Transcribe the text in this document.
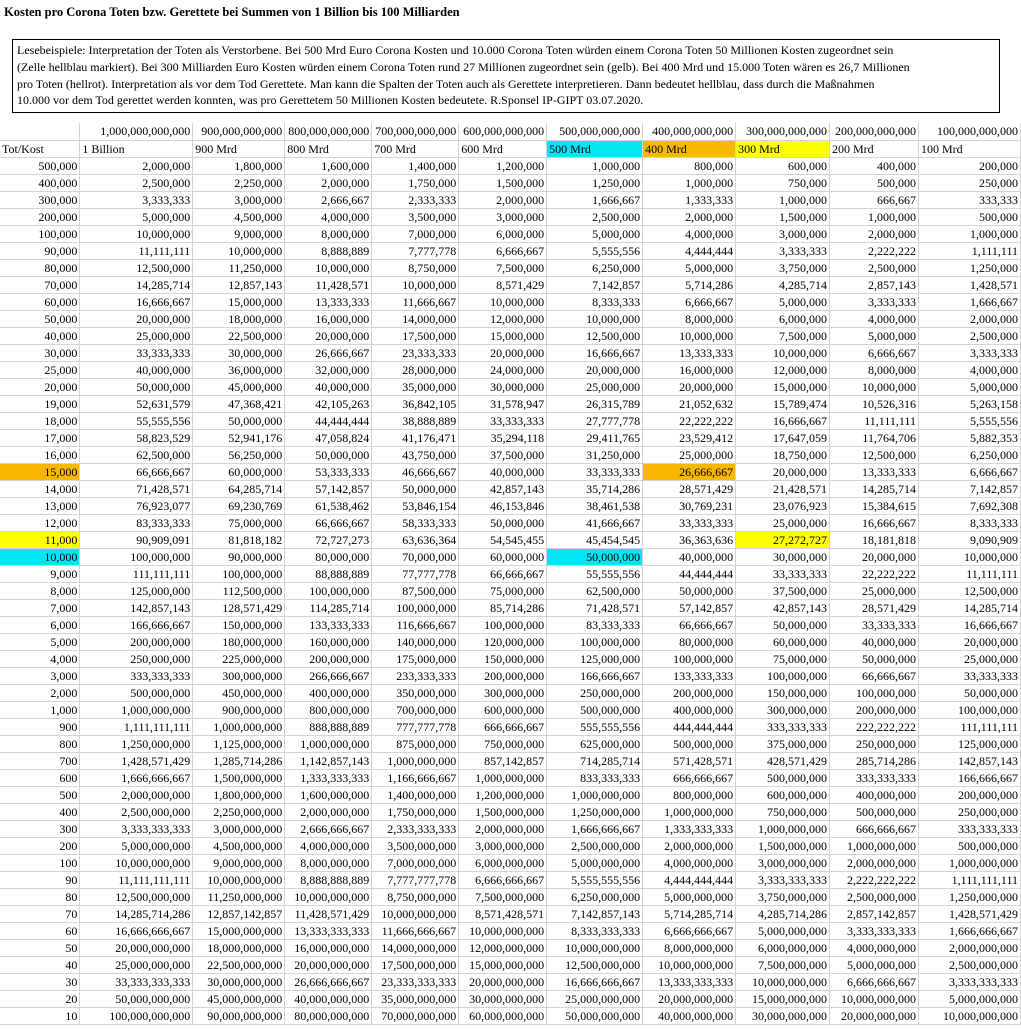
Kosten pro Corona Toten bzw. Gerettete bei Summen von 1 Billion bis 100 Milliarden
Lesebeispiele: Interpretation der Toten als Verstorbene. Bei 500 Mrd Euro Corona Kosten und 10.000 Corona Toten würden einem Corona Toten 50 Millionen Kosten zugeordnet sein
(Zelle hellblau markiert). Bei 300 Milliarden Euro Kosten würden einem Corona Toten rund 27 Millionen zugeordnet sein (gelb). Bei 400 Mrd und 15.000 Toten wären es 26,7 Millionen
pro Toten (hellrot). Interpretation als vor dem Tod Gerettete. Man kann die Spalten der Toten auch als Gerettete interpretieren. Dann bedeutet hellblau, dass durch die Maßnahmen
10.000 vor dem Tod gerettet werden konnten, was pro Gerettetem 50 Millionen Kosten bedeutete. R.Sponsel IP-GIPT 03.07.2020.
	1,000,000,000,000	900,000,000,000	800,000,000,000	700,000,000,000	600,000,000,000	500,000,000,000	400,000,000,000	300,000,000,000	200,000,000,000	100,000,000,000
Tot/Kost	1 Billion	900 Mrd	800 Mrd	700 Mrd	600 Mrd	500 Mrd	400 Mrd	300 Mrd	200 Mrd	100 Mrd
500,000	2,000,000	1,800,000	1,600,000	1,400,000	1,200,000	1,000,000	800,000	600,000	400,000	200,000
400,000	2,500,000	2,250,000	2,000,000	1,750,000	1,500,000	1,250,000	1,000,000	750,000	500,000	250,000
300,000	3,333,333	3,000,000	2,666,667	2,333,333	2,000,000	1,666,667	1,333,333	1,000,000	666,667	333,333
200,000	5,000,000	4,500,000	4,000,000	3,500,000	3,000,000	2,500,000	2,000,000	1,500,000	1,000,000	500,000
100,000	10,000,000	9,000,000	8,000,000	7,000,000	6,000,000	5,000,000	4,000,000	3,000,000	2,000,000	1,000,000
90,000	11,111,111	10,000,000	8,888,889	7,777,778	6,666,667	5,555,556	4,444,444	3,333,333	2,222,222	1,111,111
80,000	12,500,000	11,250,000	10,000,000	8,750,000	7,500,000	6,250,000	5,000,000	3,750,000	2,500,000	1,250,000
70,000	14,285,714	12,857,143	11,428,571	10,000,000	8,571,429	7,142,857	5,714,286	4,285,714	2,857,143	1,428,571
60,000	16,666,667	15,000,000	13,333,333	11,666,667	10,000,000	8,333,333	6,666,667	5,000,000	3,333,333	1,666,667
50,000	20,000,000	18,000,000	16,000,000	14,000,000	12,000,000	10,000,000	8,000,000	6,000,000	4,000,000	2,000,000
40,000	25,000,000	22,500,000	20,000,000	17,500,000	15,000,000	12,500,000	10,000,000	7,500,000	5,000,000	2,500,000
30,000	33,333,333	30,000,000	26,666,667	23,333,333	20,000,000	16,666,667	13,333,333	10,000,000	6,666,667	3,333,333
25,000	40,000,000	36,000,000	32,000,000	28,000,000	24,000,000	20,000,000	16,000,000	12,000,000	8,000,000	4,000,000
20,000	50,000,000	45,000,000	40,000,000	35,000,000	30,000,000	25,000,000	20,000,000	15,000,000	10,000,000	5,000,000
19,000	52,631,579	47,368,421	42,105,263	36,842,105	31,578,947	26,315,789	21,052,632	15,789,474	10,526,316	5,263,158
18,000	55,555,556	50,000,000	44,444,444	38,888,889	33,333,333	27,777,778	22,222,222	16,666,667	11,111,111	5,555,556
17,000	58,823,529	52,941,176	47,058,824	41,176,471	35,294,118	29,411,765	23,529,412	17,647,059	11,764,706	5,882,353
16,000	62,500,000	56,250,000	50,000,000	43,750,000	37,500,000	31,250,000	25,000,000	18,750,000	12,500,000	6,250,000
15,000	66,666,667	60,000,000	53,333,333	46,666,667	40,000,000	33,333,333	26,666,667	20,000,000	13,333,333	6,666,667
14,000	71,428,571	64,285,714	57,142,857	50,000,000	42,857,143	35,714,286	28,571,429	21,428,571	14,285,714	7,142,857
13,000	76,923,077	69,230,769	61,538,462	53,846,154	46,153,846	38,461,538	30,769,231	23,076,923	15,384,615	7,692,308
12,000	83,333,333	75,000,000	66,666,667	58,333,333	50,000,000	41,666,667	33,333,333	25,000,000	16,666,667	8,333,333
11,000	90,909,091	81,818,182	72,727,273	63,636,364	54,545,455	45,454,545	36,363,636	27,272,727	18,181,818	9,090,909
10,000	100,000,000	90,000,000	80,000,000	70,000,000	60,000,000	50,000,000	40,000,000	30,000,000	20,000,000	10,000,000
9,000	111,111,111	100,000,000	88,888,889	77,777,778	66,666,667	55,555,556	44,444,444	33,333,333	22,222,222	11,111,111
8,000	125,000,000	112,500,000	100,000,000	87,500,000	75,000,000	62,500,000	50,000,000	37,500,000	25,000,000	12,500,000
7,000	142,857,143	128,571,429	114,285,714	100,000,000	85,714,286	71,428,571	57,142,857	42,857,143	28,571,429	14,285,714
6,000	166,666,667	150,000,000	133,333,333	116,666,667	100,000,000	83,333,333	66,666,667	50,000,000	33,333,333	16,666,667
5,000	200,000,000	180,000,000	160,000,000	140,000,000	120,000,000	100,000,000	80,000,000	60,000,000	40,000,000	20,000,000
4,000	250,000,000	225,000,000	200,000,000	175,000,000	150,000,000	125,000,000	100,000,000	75,000,000	50,000,000	25,000,000
3,000	333,333,333	300,000,000	266,666,667	233,333,333	200,000,000	166,666,667	133,333,333	100,000,000	66,666,667	33,333,333
2,000	500,000,000	450,000,000	400,000,000	350,000,000	300,000,000	250,000,000	200,000,000	150,000,000	100,000,000	50,000,000
1,000	1,000,000,000	900,000,000	800,000,000	700,000,000	600,000,000	500,000,000	400,000,000	300,000,000	200,000,000	100,000,000
900	1,111,111,111	1,000,000,000	888,888,889	777,777,778	666,666,667	555,555,556	444,444,444	333,333,333	222,222,222	111,111,111
800	1,250,000,000	1,125,000,000	1,000,000,000	875,000,000	750,000,000	625,000,000	500,000,000	375,000,000	250,000,000	125,000,000
700	1,428,571,429	1,285,714,286	1,142,857,143	1,000,000,000	857,142,857	714,285,714	571,428,571	428,571,429	285,714,286	142,857,143
600	1,666,666,667	1,500,000,000	1,333,333,333	1,166,666,667	1,000,000,000	833,333,333	666,666,667	500,000,000	333,333,333	166,666,667
500	2,000,000,000	1,800,000,000	1,600,000,000	1,400,000,000	1,200,000,000	1,000,000,000	800,000,000	600,000,000	400,000,000	200,000,000
400	2,500,000,000	2,250,000,000	2,000,000,000	1,750,000,000	1,500,000,000	1,250,000,000	1,000,000,000	750,000,000	500,000,000	250,000,000
300	3,333,333,333	3,000,000,000	2,666,666,667	2,333,333,333	2,000,000,000	1,666,666,667	1,333,333,333	1,000,000,000	666,666,667	333,333,333
200	5,000,000,000	4,500,000,000	4,000,000,000	3,500,000,000	3,000,000,000	2,500,000,000	2,000,000,000	1,500,000,000	1,000,000,000	500,000,000
100	10,000,000,000	9,000,000,000	8,000,000,000	7,000,000,000	6,000,000,000	5,000,000,000	4,000,000,000	3,000,000,000	2,000,000,000	1,000,000,000
90	11,111,111,111	10,000,000,000	8,888,888,889	7,777,777,778	6,666,666,667	5,555,555,556	4,444,444,444	3,333,333,333	2,222,222,222	1,111,111,111
80	12,500,000,000	11,250,000,000	10,000,000,000	8,750,000,000	7,500,000,000	6,250,000,000	5,000,000,000	3,750,000,000	2,500,000,000	1,250,000,000
70	14,285,714,286	12,857,142,857	11,428,571,429	10,000,000,000	8,571,428,571	7,142,857,143	5,714,285,714	4,285,714,286	2,857,142,857	1,428,571,429
60	16,666,666,667	15,000,000,000	13,333,333,333	11,666,666,667	10,000,000,000	8,333,333,333	6,666,666,667	5,000,000,000	3,333,333,333	1,666,666,667
50	20,000,000,000	18,000,000,000	16,000,000,000	14,000,000,000	12,000,000,000	10,000,000,000	8,000,000,000	6,000,000,000	4,000,000,000	2,000,000,000
40	25,000,000,000	22,500,000,000	20,000,000,000	17,500,000,000	15,000,000,000	12,500,000,000	10,000,000,000	7,500,000,000	5,000,000,000	2,500,000,000
30	33,333,333,333	30,000,000,000	26,666,666,667	23,333,333,333	20,000,000,000	16,666,666,667	13,333,333,333	10,000,000,000	6,666,666,667	3,333,333,333
20	50,000,000,000	45,000,000,000	40,000,000,000	35,000,000,000	30,000,000,000	25,000,000,000	20,000,000,000	15,000,000,000	10,000,000,000	5,000,000,000
10	100,000,000,000	90,000,000,000	80,000,000,000	70,000,000,000	60,000,000,000	50,000,000,000	40,000,000,000	30,000,000,000	20,000,000,000	10,000,000,000
